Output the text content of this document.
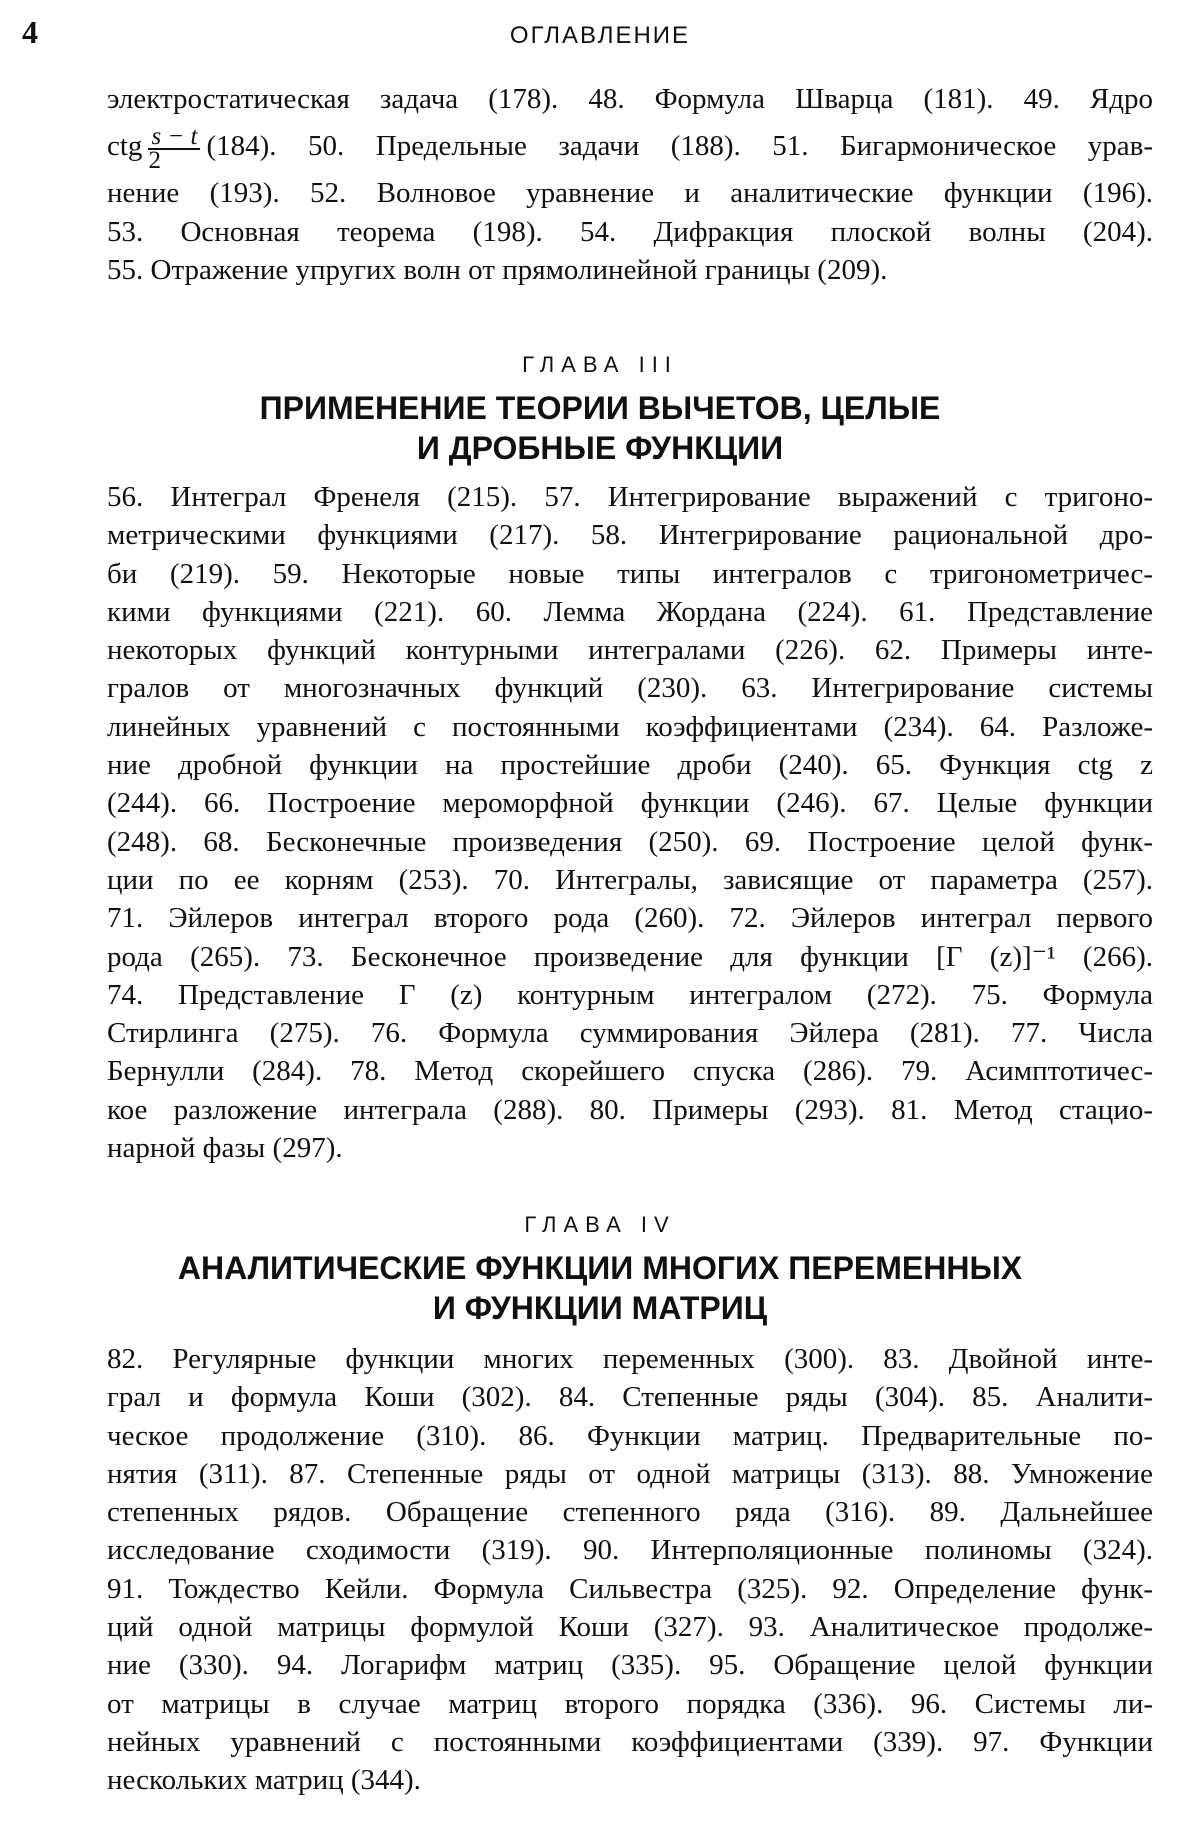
4	ОГЛАВЛЕНИЕ
электростатическая задача (178). 48. Формула Шварца (181). 49. Ядро
ctg $\frac{s - t}{2} (184)$. 50. Предельные задачи (188). 51. Бигармоническое урав-
нение (193). 52. Волновое уравнение и аналитические функции (196).
53. Основная теорема (198). 54. Дифракция плоской волны (204).
55. Отражение упругих волн от прямолинейной границы (209).
ГЛАВА III
ПРИМЕНЕНИЕ ТЕОРИИ ВЫЧЕТОВ, ЦЕЛЫЕ
И ДРОБНЫЕ ФУНКЦИИ
56. Интеграл Френеля (215). 57. Интегрирование выражений с тригоно-
метрическими функциями (217). 58. Интегрирование рациональной дро-
би (219). 59. Некоторые новые типы интегралов с тригонометричес-
кими функциями (221). 60. Лемма Жордана (224). 61. Представление
некоторых функций контурными интегралами (226). 62. Примеры инте-
гралов от многозначных функций (230). 63. Интегрирование системы
линейных уравнений с постоянными коэффициентами (234). 64. Разложе-
ние дробной функции на простейшие дроби (240). 65. Функция ctg z
(244). 66. Построение мероморфной функции (246). 67. Целые функции
(248). 68. Бесконечные произведения (250). 69. Построение целой функ-
ции по ее корням (253). 70. Интегралы, зависящие от параметра (257).
71. Эйлеров интеграл второго рода (260). 72. Эйлеров интеграл первого
рода (265). 73. Бесконечное произведение для функции [Г (z)]⁻¹ (266).
74. Представление Г (z) контурным интегралом (272). 75. Формула
Стирлинга (275). 76. Формула суммирования Эйлера (281). 77. Числа
Бернулли (284). 78. Метод скорейшего спуска (286). 79. Асимптотичес-
кое разложение интеграла (288). 80. Примеры (293). 81. Метод стацио-
нарной фазы (297).
ГЛАВА IV
АНАЛИТИЧЕСКИЕ ФУНКЦИИ МНОГИХ ПЕРЕМЕННЫХ
И ФУНКЦИИ МАТРИЦ
82. Регулярные функции многих переменных (300). 83. Двойной инте-
грал и формула Коши (302). 84. Степенные ряды (304). 85. Аналити-
ческое продолжение (310). 86. Функции матриц. Предварительные по-
нятия (311). 87. Степенные ряды от одной матрицы (313). 88. Умножение
степенных рядов. Обращение степенного ряда (316). 89. Дальнейшее
исследование сходимости (319). 90. Интерполяционные полиномы (324).
91. Тождество Кейли. Формула Сильвестра (325). 92. Определение функ-
ций одной матрицы формулой Коши (327). 93. Аналитическое продолже-
ние (330). 94. Логарифм матриц (335). 95. Обращение целой функции
от матрицы в случае матриц второго порядка (336). 96. Системы ли-
нейных уравнений с постоянными коэффициентами (339). 97. Функции
нескольких матриц (344).
